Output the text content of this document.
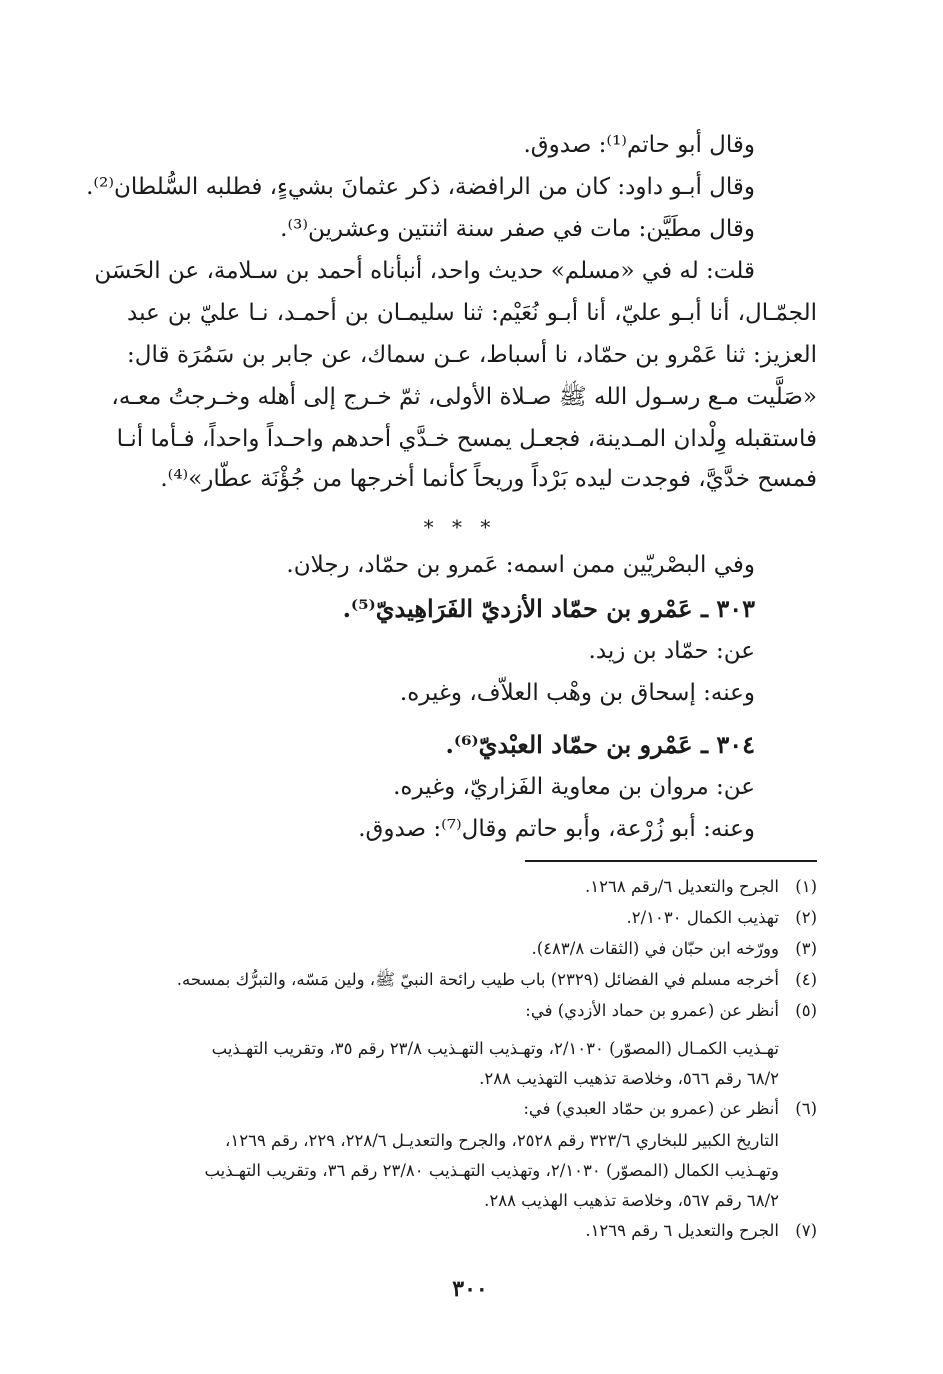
وقال أبو حاتم⁽¹⁾: صدوق.
وقال أبـو داود: كان من الرافضة، ذكر عثمانَ بشيءٍ، فطلبه السُّلطان⁽²⁾.
وقال مطَيَّن: مات في صفر سنة اثنتين وعشرين⁽³⁾.
قلت: له في «مسلم» حديث واحد، أنبأناه أحمد بن سـلامة، عن الحَسَن
الجمّـال، أنا أبـو عليّ، أنا أبـو نُعَيْم: ثنا سليمـان بن أحمـد، نـا عليّ بن عبد
العزيز: ثنا عَمْرو بن حمّاد، نا أسباط، عـن سماك، عن جابر بن سَمُرَة قال:
«صَلَّيت مـع رسـول الله ﷺ صـلاة الأولى، ثمّ خـرج إلى أهله وخـرجتُ معـه،
فاستقبله وِلْدان المـدينة، فجعـل يمسح خـدَّي أحدهم واحـداً واحداً، فـأما أنـا
فمسح خدَّيَّ، فوجدت ليده بَرْداً وريحاً كأنما أخرجها من جُؤْنَة عطّار»⁽⁴⁾.
* * *
وفي البصْريّين ممن اسمه: عَمرو بن حمّاد، رجلان.
٣٠٣ ـ عَمْرو بن حمّاد الأزديّ الفَرَاهِيديّ⁽⁵⁾.
عن: حمّاد بن زيد.
وعنه: إسحاق بن وهْب العلاّف، وغيره.
٣٠٤ ـ عَمْرو بن حمّاد العبْديّ⁽⁶⁾.
عن: مروان بن معاوية الفَزاريّ، وغيره.
وعنه: أبو زُرْعة، وأبو حاتم وقال⁽⁷⁾: صدوق.
(١)الجرح والتعديل ٦/رقم ١٢٦٨.
(٢)تهذيب الكمال ٢/١٠٣٠.
(٣)وورّخه ابن حبّان في (الثقات ٤٨٣/٨).
(٤)أخرجه مسلم في الفضائل (٢٣٢٩) باب طيب رائحة النبيّ ﷺ، ولين مَسّه، والتبرُّك بمسحه.
(٥)أنظر عن (عمرو بن حماد الأزدي) في:
تهـذيب الكمـال (المصوّر) ٢/١٠٣٠، وتهـذيب التهـذيب ٢٣/٨ رقم ٣٥، وتقريب التهـذيب
٦٨/٢ رقم ٥٦٦، وخلاصة تذهيب التهذيب ٢٨٨.
(٦)أنظر عن (عمرو بن حمّاد العبدي) في:
التاريخ الكبير للبخاري ٣٢٣/٦ رقم ٢٥٢٨، والجرح والتعديـل ٢٢٨/٦، ٢٢٩، رقم ١٢٦٩،
وتهـذيب الكمال (المصوّر) ٢/١٠٣٠، وتهذيب التهـذيب ٢٣/٨٠ رقم ٣٦، وتقريب التهـذيب
٦٨/٢ رقم ٥٦٧، وخلاصة تذهيب الهذيب ٢٨٨.
(٧)الجرح والتعديل ٦ رقم ١٢٦٩.
٣٠٠
